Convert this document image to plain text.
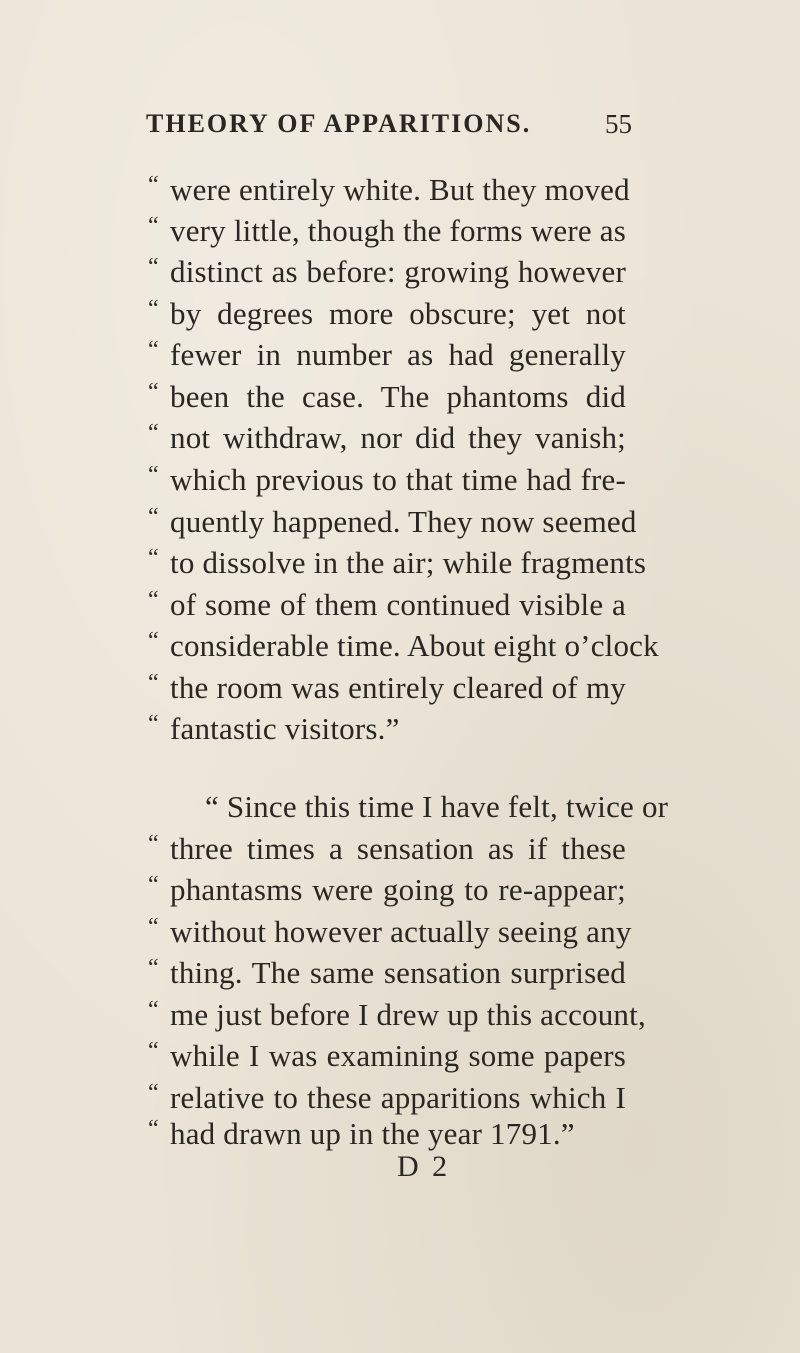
THEORY OF APPARITIONS.	55
“ were entirely white. But they moved
“ very little, though the forms were as
“ distinct as before: growing however
“ by degrees more obscure; yet not
“ fewer in number as had generally
“ been the case. The phantoms did
“ not withdraw, nor did they vanish;
“ which previous to that time had fre-
“ quently happened. They now seemed
“ to dissolve in the air; while fragments
“ of some of them continued visible a
“ considerable time. About eight o’clock
“ the room was entirely cleared of my
“ fantastic visitors.”
“ Since this time I have felt, twice or
“ three times a sensation as if these
“ phantasms were going to re-appear;
“ without however actually seeing any
“ thing. The same sensation surprised
“ me just before I drew up this account,
“ while I was examining some papers
“ relative to these apparitions which I
“ had drawn up in the year 1791.”
D 2
